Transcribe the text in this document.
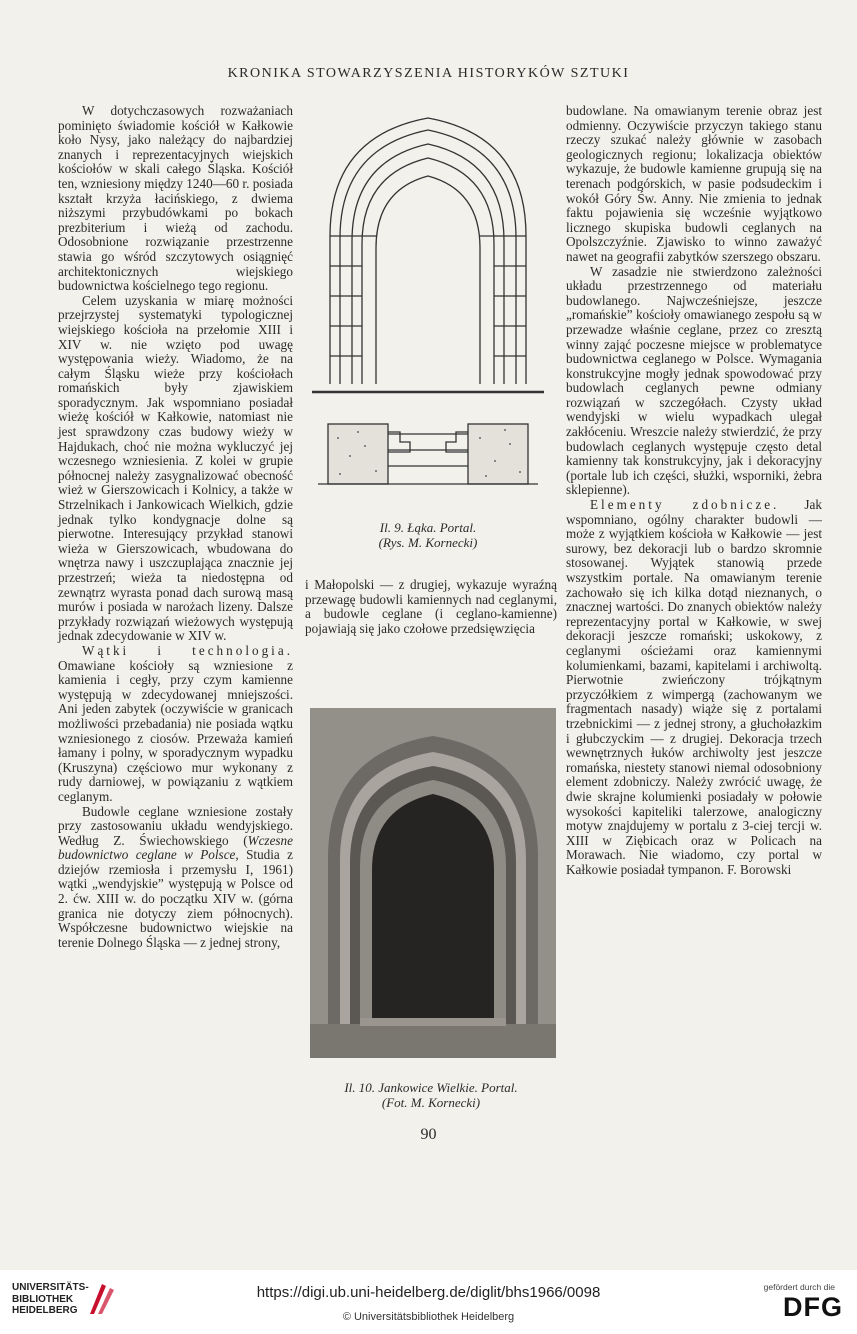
KRONIKA STOWARZYSZENIA HISTORYKÓW SZTUKI

W dotychczasowych rozważaniach pominięto świadomie kościół w Kałkowie koło Nysy, jako należący do najbardziej znanych i reprezentacyjnych wiejskich kościołów w skali całego Śląska. Kościół ten, wzniesiony między 1240—60 r. posiada kształt krzyża łacińskiego, z dwiema niższymi przybudówkami po bokach prezbiterium i wieżą od zachodu. Odosobnione rozwiązanie przestrzenne stawia go wśród szczytowych osiągnięć architektonicznych wiejskiego budownictwa kościelnego tego regionu.

Celem uzyskania w miarę możności przejrzystej systematyki typologicznej wiejskiego kościoła na przełomie XIII i XIV w. nie wzięto pod uwagę występowania wieży. Wiadomo, że na całym Śląsku wieże przy kościołach romańskich były zjawiskiem sporadycznym. Jak wspomniano posiadał wieżę kościół w Kałkowie, natomiast nie jest sprawdzony czas budowy wieży w Hajdukach, choć nie można wykluczyć jej wczesnego wzniesienia. Z kolei w grupie północnej należy zasygnalizować obecność wież w Gierszowicach i Kolnicy, a także w Strzelnikach i Jankowicach Wielkich, gdzie jednak tylko kondygnacje dolne są pierwotne. Interesujący przykład stanowi wieża w Gierszowicach, wbudowana do wnętrza nawy i uszczuplająca znacznie jej przestrzeń; wieża ta niedostępna od zewnątrz wyrasta ponad dach surową masą murów i posiada w narożach lizeny. Dalsze przykłady rozwiązań wieżowych występują jednak zdecydowanie w XIV w.

Wątki i technologia. Omawiane kościoły są wzniesione z kamienia i cegły, przy czym kamienne występują w zdecydowanej mniejszości. Ani jeden zabytek (oczywiście w granicach możliwości przebadania) nie posiada wątku wzniesionego z ciosów. Przeważa kamień łamany i polny, w sporadycznym wypadku (Kruszyna) częściowo mur wykonany z rudy darniowej, w powiązaniu z wątkiem ceglanym.

Budowle ceglane wzniesione zostały przy zastosowaniu układu wendyjskiego. Według Z. Świechowskiego (Wczesne budownictwo ceglane w Polsce, Studia z dziejów rzemiosła i przemysłu I, 1961) wątki „wendyjskie” występują w Polsce od 2. ćw. XIII w. do początku XIV w. (górna granica nie dotyczy ziem północnych). Współczesne budownictwo wiejskie na terenie Dolnego Śląska — z jednej strony,

Il. 9. Łąka. Portal.
(Rys. M. Kornecki)

i Małopolski — z drugiej, wykazuje wyraźną przewagę budowli kamiennych nad ceglanymi, a budowle ceglane (i ceglano-kamienne) pojawiają się jako czołowe przedsięwzięcia

Il. 10. Jankowice Wielkie. Portal.
(Fot. M. Kornecki)

budowlane. Na omawianym terenie obraz jest odmienny. Oczywiście przyczyn takiego stanu rzeczy szukać należy głównie w zasobach geologicznych regionu; lokalizacja obiektów wykazuje, że budowle kamienne grupują się na terenach podgórskich, w pasie podsudeckim i wokół Góry Św. Anny. Nie zmienia to jednak faktu pojawienia się wcześnie wyjątkowo licznego skupiska budowli ceglanych na Opolszczyźnie. Zjawisko to winno zaważyć nawet na geografii zabytków szerszego obszaru.

W zasadzie nie stwierdzono zależności układu przestrzennego od materiału budowlanego. Najwcześniejsze, jeszcze „romańskie” kościoły omawianego zespołu są w przewadze właśnie ceglane, przez co zresztą winny zająć poczesne miejsce w problematyce budownictwa ceglanego w Polsce. Wymagania konstrukcyjne mogły jednak spowodować przy budowlach ceglanych pewne odmiany rozwiązań w szczegółach. Czysty układ wendyjski w wielu wypadkach ulegał zakłóceniu. Wreszcie należy stwierdzić, że przy budowlach ceglanych występuje często detal kamienny tak konstrukcyjny, jak i dekoracyjny (portale lub ich części, służki, wsporniki, żebra sklepienne).

Elementy zdobnicze. Jak wspomniano, ogólny charakter budowli — może z wyjątkiem kościoła w Kałkowie — jest surowy, bez dekoracji lub o bardzo skromnie stosowanej. Wyjątek stanowią przede wszystkim portale. Na omawianym terenie zachowało się ich kilka dotąd nieznanych, o znacznej wartości. Do znanych obiektów należy reprezentacyjny portal w Kałkowie, w swej dekoracji jeszcze romański; uskokowy, z ceglanymi ościeżami oraz kamiennymi kolumienkami, bazami, kapitelami i archiwoltą. Pierwotnie zwieńczony trójkątnym przyczółkiem z wimpergą (zachowanym we fragmentach nasady) wiąże się z portalami trzebnickimi — z jednej strony, a głuchołazkim i głubczyckim — z drugiej. Dekoracja trzech wewnętrznych łuków archiwolty jest jeszcze romańska, niestety stanowi niemal odosobniony element zdobniczy. Należy zwrócić uwagę, że dwie skrajne kolumienki posiadały w połowie wysokości kapiteliki talerzowe, analogiczny motyw znajdujemy w portalu z 3-ciej tercji w. XIII w Ziębicach oraz w Policach na Morawach. Nie wiadomo, czy portal w Kałkowie posiadał tympanon. F. Borowski

90
UNIVERSITÄTS-
BIBLIOTHEK
HEIDELBERG
https://digi.ub.uni-heidelberg.de/diglit/bhs1966/0098
© Universitätsbibliothek Heidelberg
gefördert durch die
DFG
